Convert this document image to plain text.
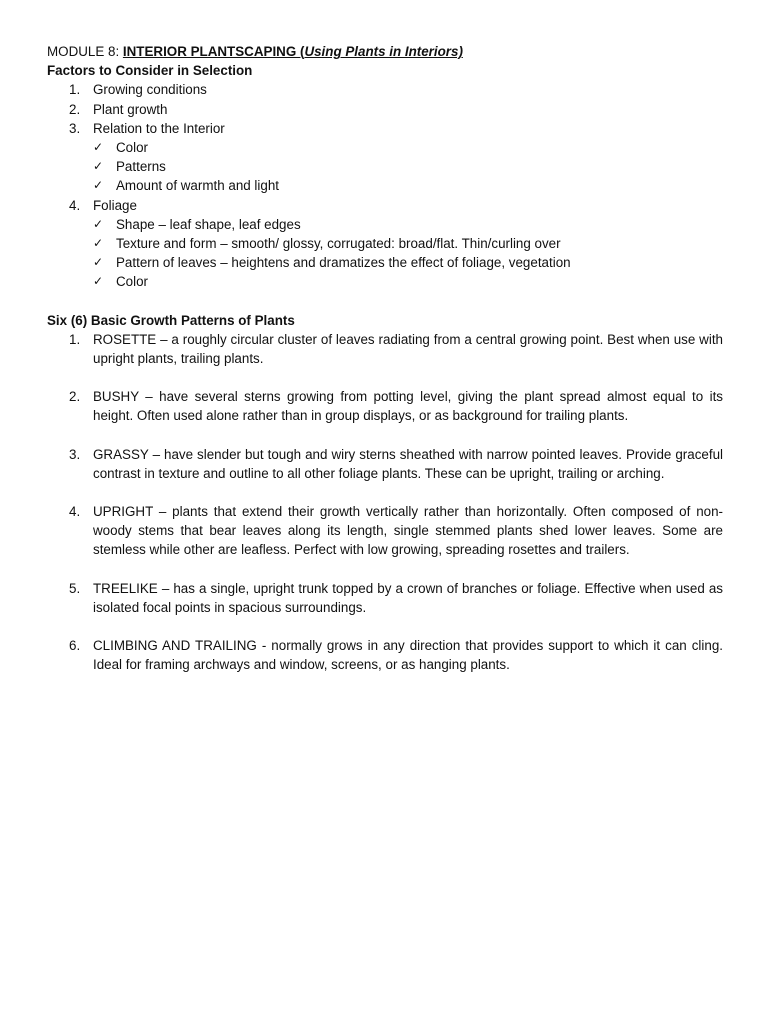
MODULE 8: INTERIOR PLANTSCAPING (Using Plants in Interiors)
Factors to Consider in Selection
1. Growing conditions
2. Plant growth
3. Relation to the Interior
✓ Color
✓ Patterns
✓ Amount of warmth and light
4. Foliage
✓ Shape – leaf shape, leaf edges
✓ Texture and form – smooth/ glossy, corrugated: broad/flat. Thin/curling over
✓ Pattern of leaves – heightens and dramatizes the effect of foliage, vegetation
✓ Color
Six (6) Basic Growth Patterns of Plants
1. ROSETTE – a roughly circular cluster of leaves radiating from a central growing point. Best when use with upright plants, trailing plants.
2. BUSHY – have several sterns growing from potting level, giving the plant spread almost equal to its height. Often used alone rather than in group displays, or as background for trailing plants.
3. GRASSY – have slender but tough and wiry sterns sheathed with narrow pointed leaves. Provide graceful contrast in texture and outline to all other foliage plants. These can be upright, trailing or arching.
4. UPRIGHT – plants that extend their growth vertically rather than horizontally. Often composed of non-woody stems that bear leaves along its length, single stemmed plants shed lower leaves. Some are stemless while other are leafless. Perfect with low growing, spreading rosettes and trailers.
5. TREELIKE – has a single, upright trunk topped by a crown of branches or foliage. Effective when used as isolated focal points in spacious surroundings.
6. CLIMBING AND TRAILING - normally grows in any direction that provides support to which it can cling. Ideal for framing archways and window, screens, or as hanging plants.
